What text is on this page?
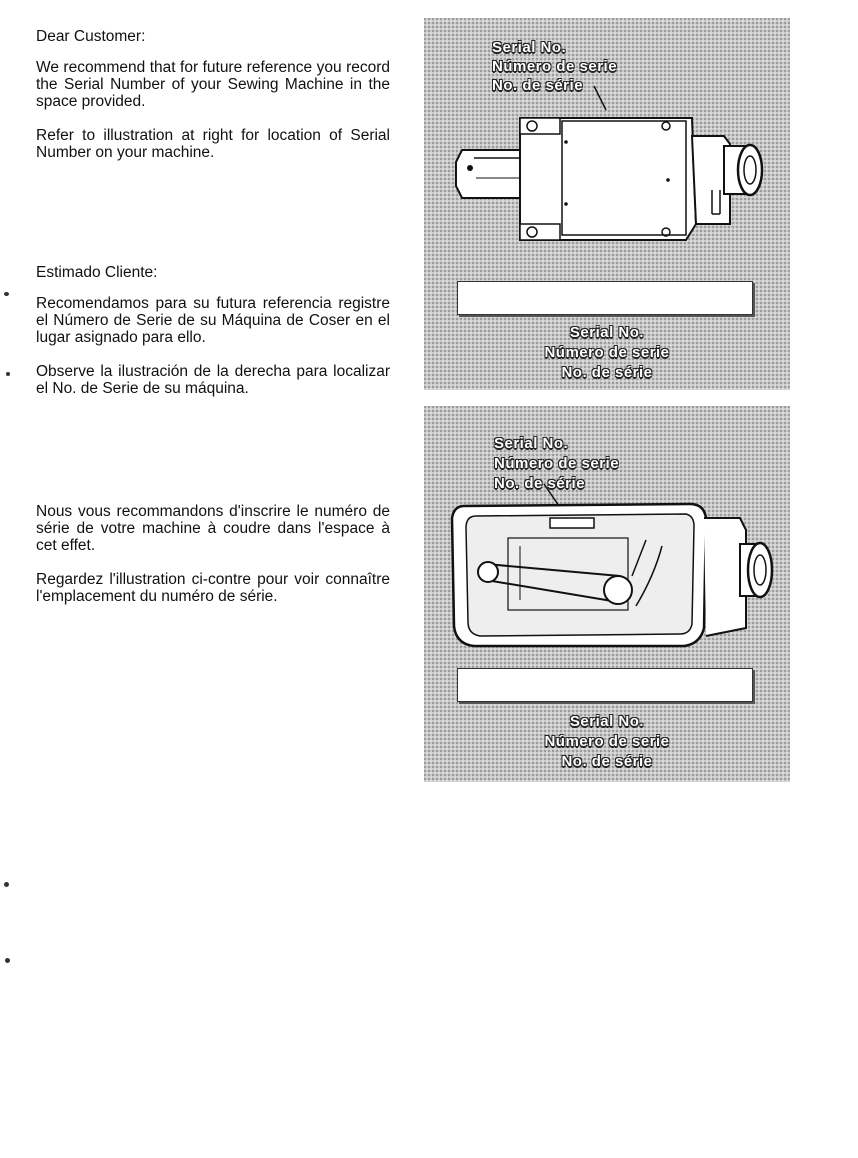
Dear Customer:

We recommend that for future reference you record the Serial Number of your Sewing Machine in the space provided.

Refer to illustration at right for location of Serial Number on your machine.

Estimado Cliente:

Recomendamos para su futura referencia registre el Número de Serie de su Máquina de Coser en el lugar asignado para ello.

Observe la ilustración de la derecha para localizar el No. de Serie de su máquina.

Nous vous recommandons d'inscrire le numéro de série de votre machine à coudre dans l'espace à cet effet.

Regardez l'illustration ci-contre pour voir connaître l'emplacement du numéro de série.

Serial No.
Número de serie
No. de série
Serial No.
Número de serie
No. de série
Serial No.
Número de serie
No. de série
Serial No.
Número de serie
No. de série
